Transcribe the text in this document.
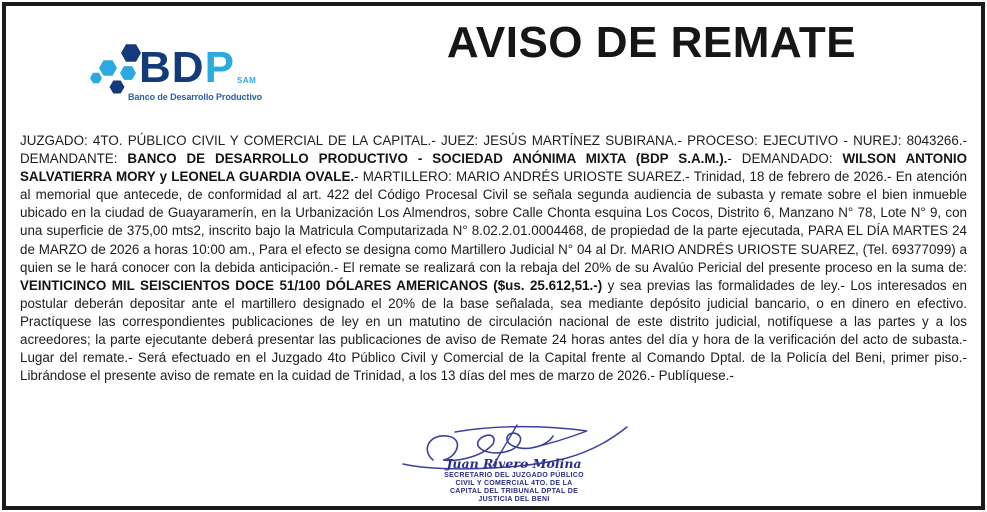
BDP SAM
Banco de Desarrollo Productivo
AVISO DE REMATE

JUZGADO: 4TO. PÚBLICO CIVIL Y COMERCIAL DE LA CAPITAL.- JUEZ: JESÚS MARTÍNEZ SUBIRANA.- PROCESO: EJECUTIVO - NUREJ: 8043266.- DEMANDANTE: BANCO DE DESARROLLO PRODUCTIVO - SOCIEDAD ANÓNIMA MIXTA (BDP S.A.M.).- DEMANDADO: WILSON ANTONIO SALVATIERRA MORY y LEONELA GUARDIA OVALE.- MARTILLERO: MARIO ANDRÉS URIOSTE SUAREZ.- Trinidad, 18 de febrero de 2026.- En atención al memorial que antecede, de conformidad al art. 422 del Código Procesal Civil se señala segunda audiencia de subasta y remate sobre el bien inmueble ubicado en la ciudad de Guayaramerín, en la Urbanización Los Almendros, sobre Calle Chonta esquina Los Cocos, Distrito 6, Manzano N° 78, Lote N° 9, con una superficie de 375,00 mts2, inscrito bajo la Matricula Computarizada N° 8.02.2.01.0004468, de propiedad de la parte ejecutada, PARA EL DÍA MARTES 24 de MARZO de 2026 a horas 10:00 am., Para el efecto se designa como Martillero Judicial N° 04 al Dr. MARIO ANDRÉS URIOSTE SUAREZ, (Tel. 69377099) a quien se le hará conocer con la debida anticipación.- El remate se realizará con la rebaja del 20% de su Avalúo Pericial del presente proceso en la suma de: VEINTICINCO MIL SEISCIENTOS DOCE 51/100 DÓLARES AMERICANOS ($us. 25.612,51.-) y sea previas las formalidades de ley.- Los interesados en postular deberán depositar ante el martillero designado el 20% de la base señalada, sea mediante depósito judicial bancario, o en dinero en efectivo. Practíquese las correspondientes publicaciones de ley en un matutino de circulación nacional de este distrito judicial, notifíquese a las partes y a los acreedores; la parte ejecutante deberá presentar las publicaciones de aviso de Remate 24 horas antes del día y hora de la verificación del acto de subasta.- Lugar del remate.- Será efectuado en el Juzgado 4to Público Civil y Comercial de la Capital frente al Comando Dptal. de la Policía del Beni, primer piso.- Librándose el presente aviso de remate en la cuidad de Trinidad, a los 13 días del mes de marzo de 2026.- Publíquese.-

Juan Rivero Molina
SECRETARIO DEL JUZGADO PÚBLICO
CIVIL Y COMERCIAL 4TO. DE LA
CAPITAL DEL TRIBUNAL DPTAL DE
JUSTICIA DEL BENI
